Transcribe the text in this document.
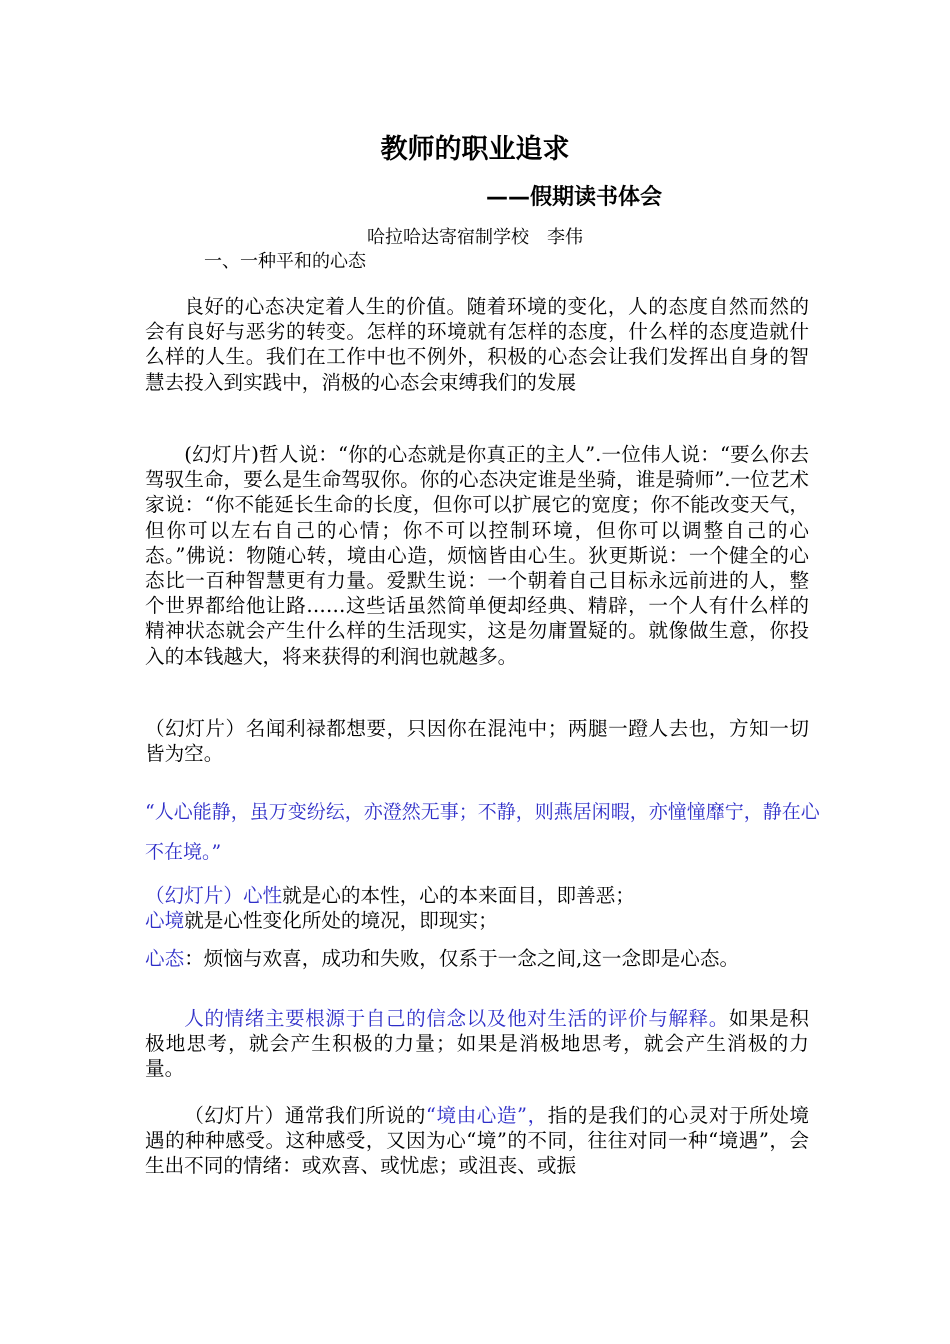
教师的职业追求
——假期读书体会
哈拉哈达寄宿制学校　李伟
一、一种平和的心态
良好的心态决定着人生的价值。随着环境的变化，人的态度自然而然的会有良好与恶劣的转变。怎样的环境就有怎样的态度，什么样的态度造就什么样的人生。我们在工作中也不例外，积极的心态会让我们发挥出自身的智慧去投入到实践中，消极的心态会束缚我们的发展
(幻灯片)哲人说：“你的心态就是你真正的主人”.一位伟人说：“要么你去驾驭生命，要么是生命驾驭你。你的心态决定谁是坐骑，谁是骑师”.一位艺术家说：“你不能延长生命的长度，但你可以扩展它的宽度；你不能改变天气，但你可以左右自己的心情；你不可以控制环境，但你可以调整自己的心态。”佛说：物随心转，境由心造，烦恼皆由心生。狄更斯说：一个健全的心态比一百种智慧更有力量。爱默生说：一个朝着自己目标永远前进的人，整个世界都给他让路……这些话虽然简单便却经典、精辟，一个人有什么样的精神状态就会产生什么样的生活现实，这是勿庸置疑的。就像做生意，你投入的本钱越大，将来获得的利润也就越多。
（幻灯片）名闻利禄都想要，只因你在混沌中；两腿一蹬人去也，方知一切皆为空。
“人心能静，虽万变纷纭，亦澄然无事；不静，则燕居闲暇，亦憧憧靡宁，静在心不在境。”
（幻灯片）心性就是心的本性，心的本来面目，即善恶；
心境就是心性变化所处的境况，即现实；
心态：烦恼与欢喜，成功和失败，仅系于一念之间,这一念即是心态。
人的情绪主要根源于自己的信念以及他对生活的评价与解释。如果是积极地思考，就会产生积极的力量；如果是消极地思考，就会产生消极的力量。
（幻灯片）通常我们所说的“境由心造”，指的是我们的心灵对于所处境遇的种种感受。这种感受，又因为心“境”的不同，往往对同一种“境遇”，会生出不同的情绪：或欢喜、或忧虑；或沮丧、或振
